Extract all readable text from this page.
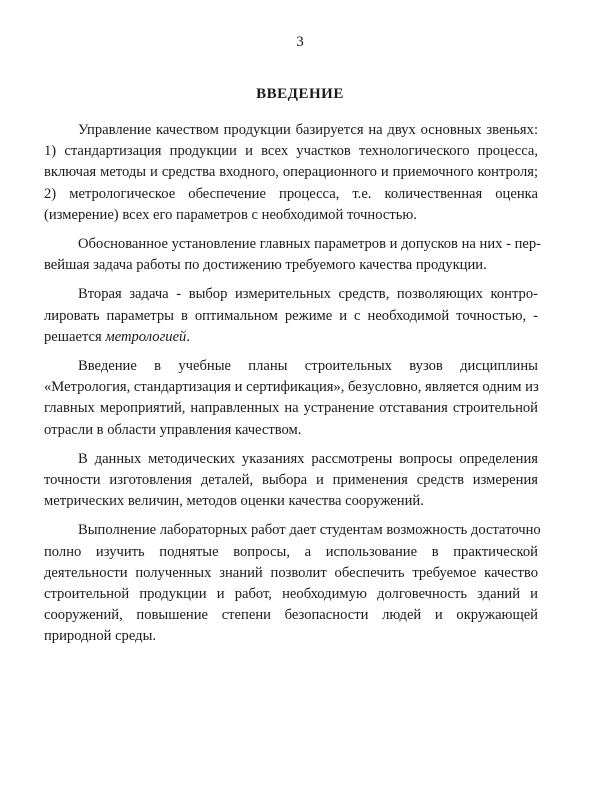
3
ВВЕДЕНИЕ
Управление качеством продукции базируется на двух основных звеньях:
1) стандартизация продукции и всех участков технологического процесса,
включая методы и средства входного, операционного и приемочного контроля;
2) метрологическое обеспечение процесса, т.е. количественная оценка
(измерение) всех его параметров с необходимой точностью.
Обоснованное установление главных параметров и допусков на них - пер-
вейшая задача работы по достижению требуемого качества продукции.
Вторая задача - выбор измерительных средств, позволяющих контро-
лировать параметры в оптимальном режиме и с необходимой точностью, -
решается метрологией.
Введение в учебные планы строительных вузов дисциплины
«Метрология, стандартизация и сертификация», безусловно, является одним из
главных мероприятий, направленных на устранение отставания строительной
отрасли в области управления качеством.
В данных методических указаниях рассмотрены вопросы определения
точности изготовления деталей, выбора и применения средств измерения
метрических величин, методов оценки качества сооружений.
Выполнение лабораторных работ дает студентам возможность достаточно
полно изучить поднятые вопросы, а использование в практической
деятельности полученных знаний позволит обеспечить требуемое качество
строительной продукции и работ, необходимую долговечность зданий и
сооружений, повышение степени безопасности людей и окружающей
природной среды.
